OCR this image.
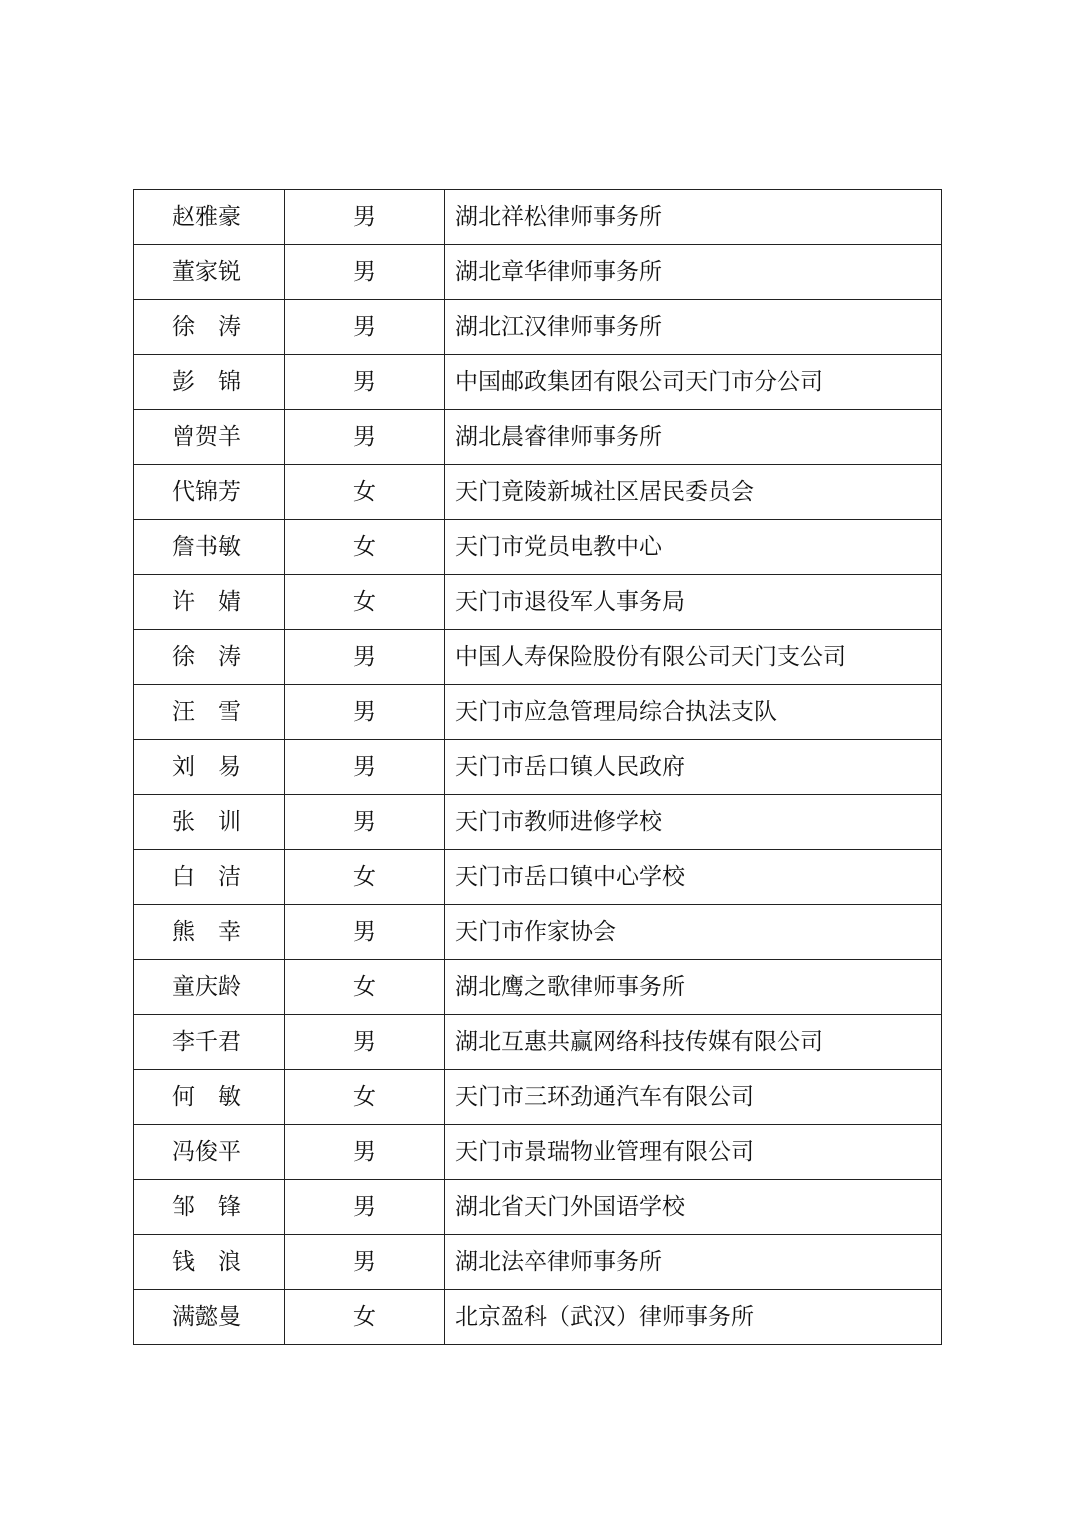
赵雅豪	男	湖北祥松律师事务所
董家锐	男	湖北章华律师事务所
徐　涛	男	湖北江汉律师事务所
彭　锦	男	中国邮政集团有限公司天门市分公司
曾贺羊	男	湖北晨睿律师事务所
代锦芳	女	天门竟陵新城社区居民委员会
詹书敏	女	天门市党员电教中心
许　婧	女	天门市退役军人事务局
徐　涛	男	中国人寿保险股份有限公司天门支公司
汪　雪	男	天门市应急管理局综合执法支队
刘　易	男	天门市岳口镇人民政府
张　训	男	天门市教师进修学校
白　洁	女	天门市岳口镇中心学校
熊　幸	男	天门市作家协会
童庆龄	女	湖北鹰之歌律师事务所
李千君	男	湖北互惠共赢网络科技传媒有限公司
何　敏	女	天门市三环劲通汽车有限公司
冯俊平	男	天门市景瑞物业管理有限公司
邹　锋	男	湖北省天门外国语学校
钱　浪	男	湖北法卒律师事务所
满懿曼	女	北京盈科（武汉）律师事务所
